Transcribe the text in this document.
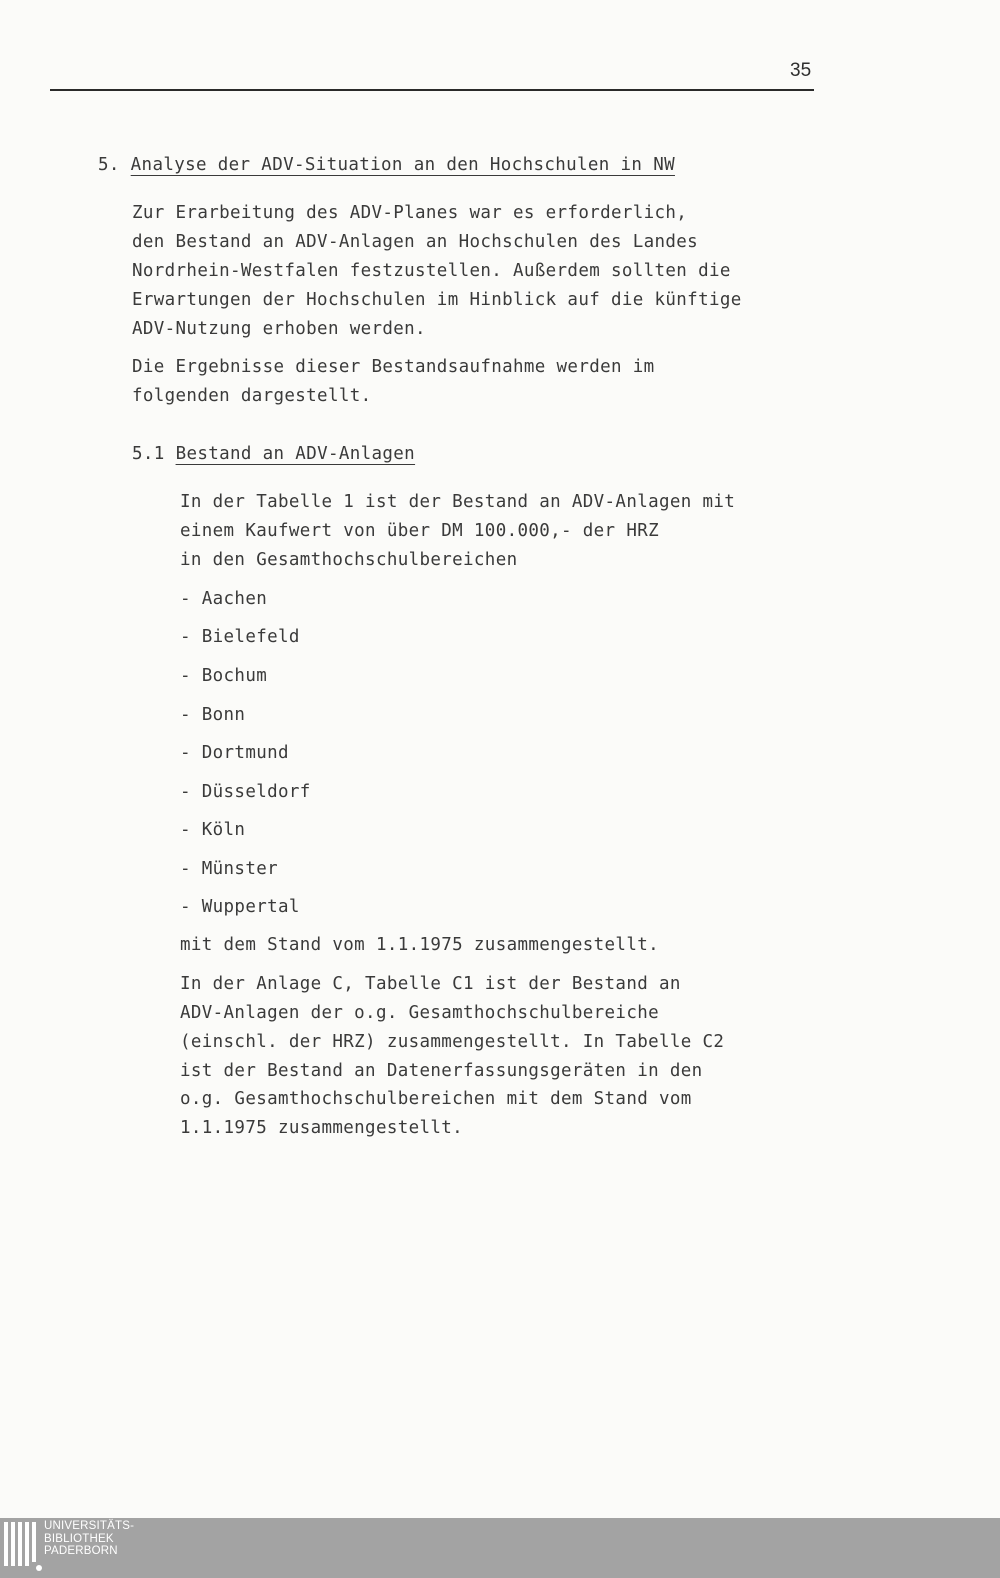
35
5. Analyse der ADV-Situation an den Hochschulen in NW
Zur Erarbeitung des ADV-Planes war es erforderlich,
den Bestand an ADV-Anlagen an Hochschulen des Landes
Nordrhein-Westfalen festzustellen. Außerdem sollten die
Erwartungen der Hochschulen im Hinblick auf die künftige
ADV-Nutzung erhoben werden.
Die Ergebnisse dieser Bestandsaufnahme werden im
folgenden dargestellt.
5.1 Bestand an ADV-Anlagen
In der Tabelle 1 ist der Bestand an ADV-Anlagen mit
einem Kaufwert von über DM 100.000,- der HRZ
in den Gesamthochschulbereichen
- Aachen
- Bielefeld
- Bochum
- Bonn
- Dortmund
- Düsseldorf
- Köln
- Münster
- Wuppertal
mit dem Stand vom 1.1.1975 zusammengestellt.
In der Anlage C, Tabelle C1 ist der Bestand an
ADV-Anlagen der o.g. Gesamthochschulbereiche
(einschl. der HRZ) zusammengestellt. In Tabelle C2
ist der Bestand an Datenerfassungsgeräten in den
o.g. Gesamthochschulbereichen mit dem Stand vom
1.1.1975 zusammengestellt.
UNIVERSITÄTS-
BIBLIOTHEK
PADERBORN
